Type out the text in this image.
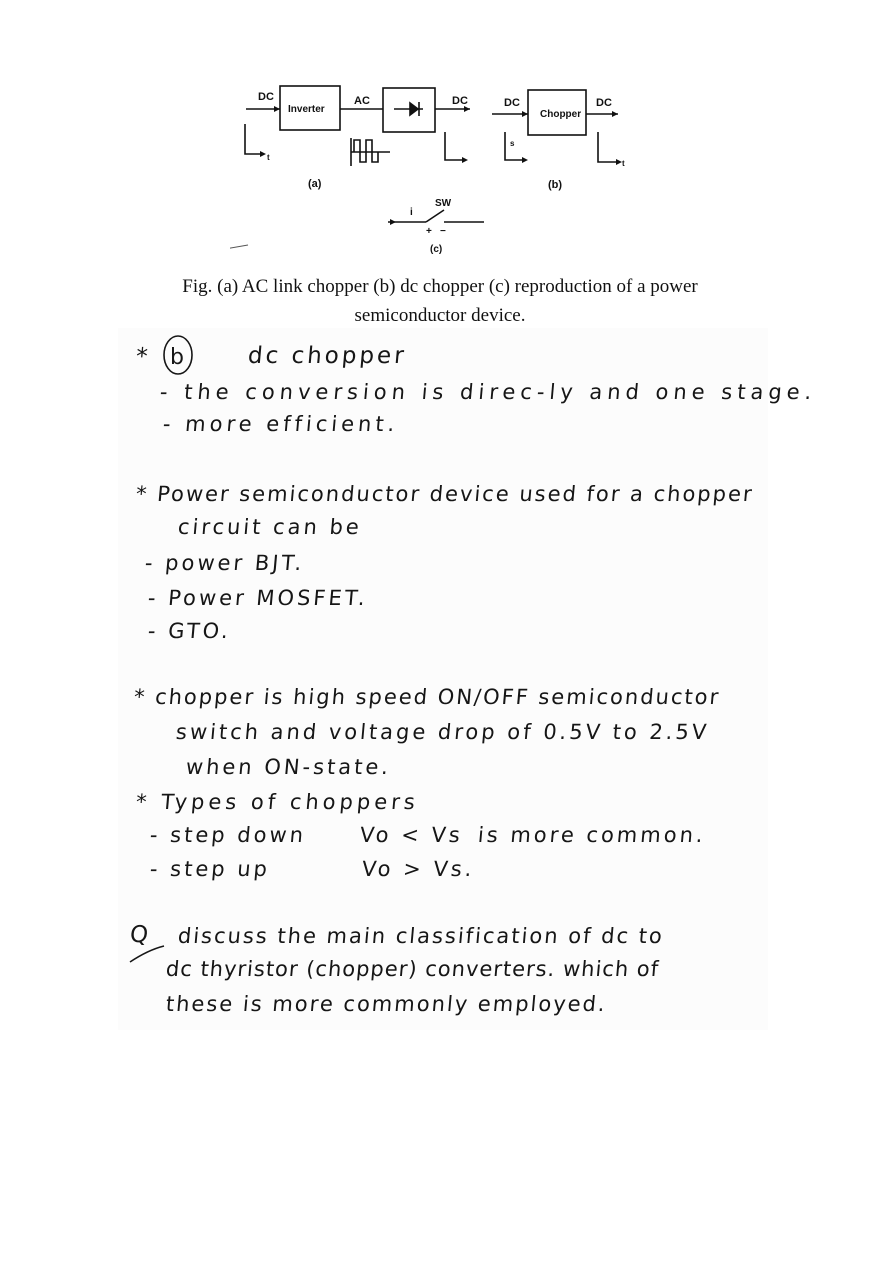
DC
Inverter
AC	DC
t
(a)
DC
Chopper
DC
s
t
(b)
i
SW
+ −
(c)
Fig. (a) AC link chopper (b) dc chopper (c) reproduction of a power
semiconductor device.
* b	dc chopper
- the conversion is direc-ly and one stage.
- more efficient.
* Power semiconductor device used for a chopper
circuit can be
- power BJT.
- Power MOSFET.
- GTO.
* chopper is high speed ON/OFF semiconductor
switch and voltage drop of 0.5V to 2.5V
when ON-state.
* Types of choppers
- step down Vo < Vs is more common.
- step up	Vo > Vs.
Q discuss the main classification of dc to
dc thyristor (chopper) converters. which of
these is more commonly employed.
